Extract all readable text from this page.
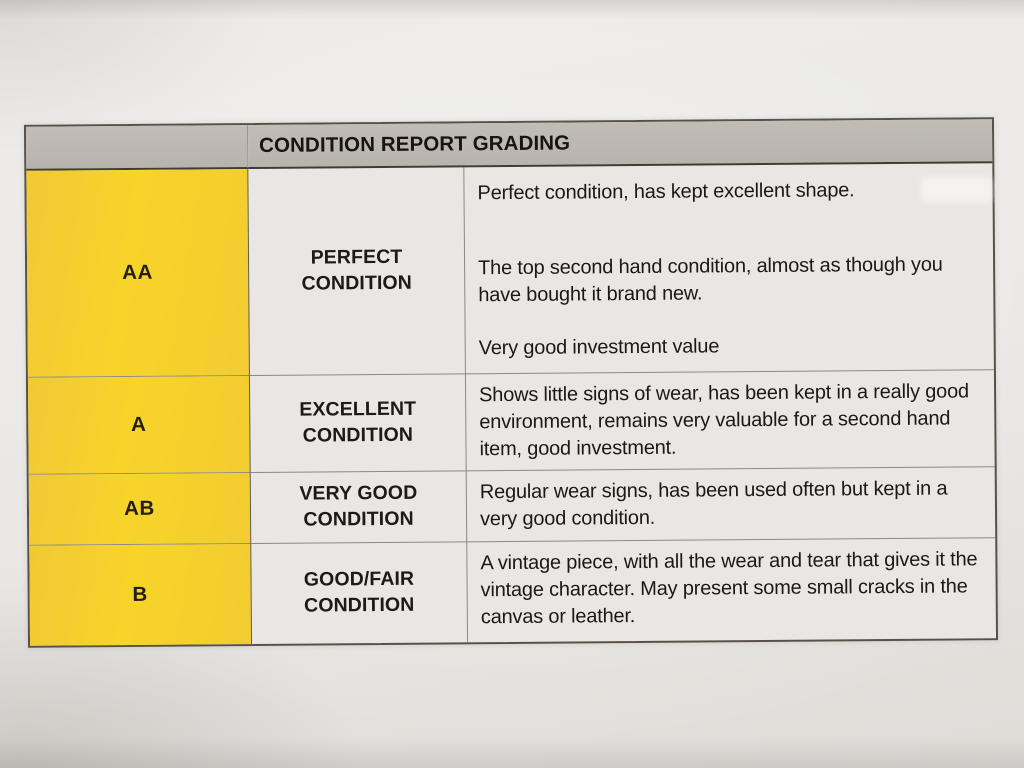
CONDITION REPORT GRADING
AA
PERFECT CONDITION

Perfect condition, has kept excellent shape.

The top second hand condition, almost as though you have bought it brand new.

Very good investment value

A
EXCELLENT CONDITION

Shows little signs of wear, has been kept in a really good environment, remains very valuable for a second hand item, good investment.

AB
VERY GOOD CONDITION

Regular wear signs, has been used often but kept in a very good condition.

B
GOOD/FAIR CONDITION

A vintage piece, with all the wear and tear that gives it the vintage character. May present some small cracks in the canvas or leather.
